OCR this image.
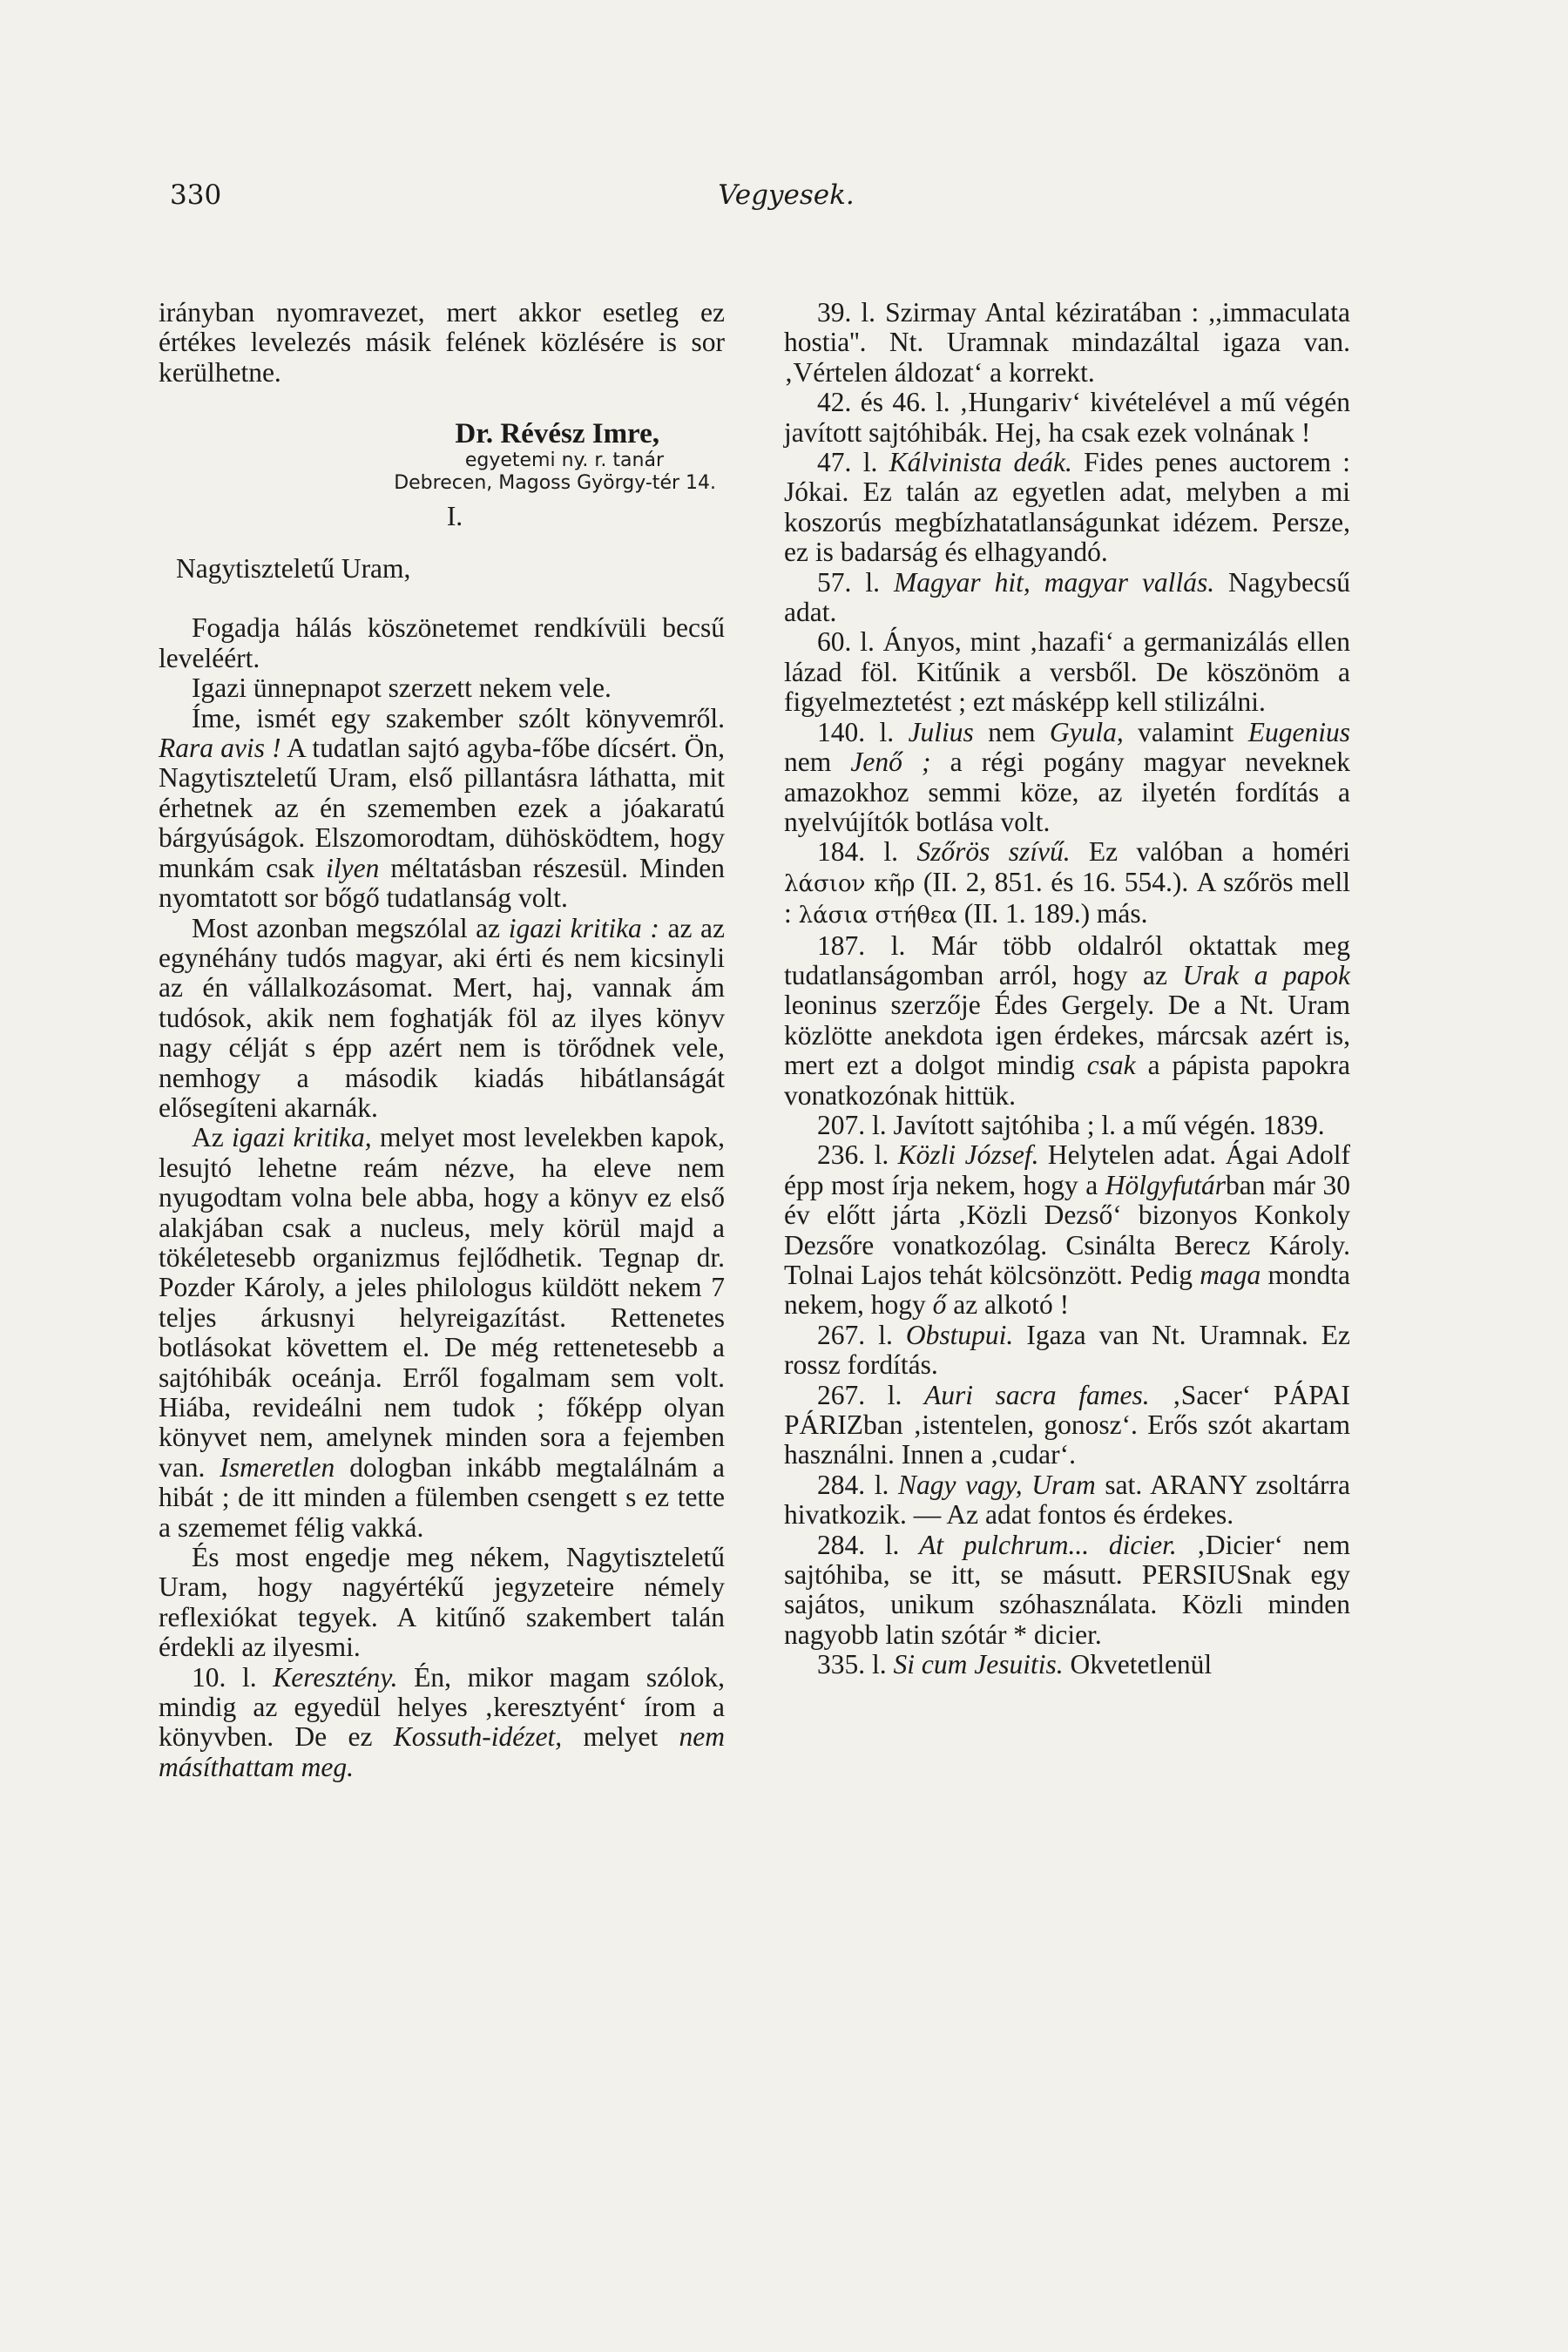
330	Vegyesek.

irányban nyomravezet, mert akkor esetleg ez értékes levelezés másik felének közlésére is sor kerülhetne.

Dr. Révész Imre,
egyetemi ny. r. tanár
Debrecen, Magoss György-tér 14.
I.

Nagytiszteletű Uram,

Fogadja hálás köszönetemet rendkívüli becsű leveléért.

Igazi ünnepnapot szerzett nekem vele.

Íme, ismét egy szakember szólt könyvemről. Rara avis ! A tudatlan sajtó agyba-főbe dícsért. Ön, Nagytiszteletű Uram, első pillantásra láthatta, mit érhetnek az én szememben ezek a jóakaratú bárgyúságok. Elszomorodtam, dühösködtem, hogy munkám csak ilyen méltatásban részesül. Minden nyomtatott sor bőgő tudatlanság volt.

Most azonban megszólal az igazi kritika : az az egynéhány tudós magyar, aki érti és nem kicsinyli az én vállalkozásomat. Mert, haj, vannak ám tudósok, akik nem foghatják föl az ilyes könyv nagy célját s épp azért nem is törődnek vele, nemhogy a második kiadás hibátlanságát elősegíteni akarnák.

Az igazi kritika, melyet most levelekben kapok, lesujtó lehetne reám nézve, ha eleve nem nyugodtam volna bele abba, hogy a könyv ez első alakjában csak a nucleus, mely körül majd a tökéletesebb organizmus fejlődhetik. Tegnap dr. Pozder Károly, a jeles philologus küldött nekem 7 teljes árkusnyi helyreigazítást. Rettenetes botlásokat követtem el. De még rettenetesebb a sajtóhibák oceánja. Erről fogalmam sem volt. Hiába, revideálni nem tudok ; főképp olyan könyvet nem, amelynek minden sora a fejemben van. Ismeretlen dologban inkább megtalálnám a hibát ; de itt minden a fülemben csengett s ez tette a szememet félig vakká.

És most engedje meg nékem, Nagytiszteletű Uram, hogy nagyértékű jegyzeteire némely reflexiókat tegyek. A kitűnő szakembert talán érdekli az ilyesmi.

10. l. Keresztény. Én, mikor magam szólok, mindig az egyedül helyes ‚keresztyént‘ írom a könyvben. De ez Kossuth-idézet, melyet nem másíthattam meg.

39. l. Szirmay Antal kéziratában : ,,immaculata hostia''. Nt. Uramnak mindazáltal igaza van. ‚Vértelen áldozat‘ a korrekt.

42. és 46. l. ‚Hungariv‘ kivételével a mű végén javított sajtóhibák. Hej, ha csak ezek volnának !

47. l. Kálvinista deák. Fides penes auctorem : Jókai. Ez talán az egyetlen adat, melyben a mi koszorús megbízhatatlanságunkat idézem. Persze, ez is badarság és elhagyandó.

57. l. Magyar hit, magyar vallás. Nagybecsű adat.

60. l. Ányos, mint ‚hazafi‘ a germanizálás ellen lázad föl. Kitűnik a versből. De köszönöm a figyelmeztetést ; ezt másképp kell stilizálni.

140. l. Julius nem Gyula, valamint Eugenius nem Jenő ; a régi pogány magyar neveknek amazokhoz semmi köze, az ilyetén fordítás a nyelvújítók botlása volt.

184. l. Szőrös szívű. Ez valóban a homéri λάσιον κῆρ (II. 2, 851. és 16. 554.). A szőrös mell : λάσια στήθεα (II. 1. 189.) más.

187. l. Már több oldalról oktattak meg tudatlanságomban arról, hogy az Urak a papok leoninus szerzője Édes Gergely. De a Nt. Uram közlötte anekdota igen érdekes, márcsak azért is, mert ezt a dolgot mindig csak a pápista papokra vonatkozónak hittük.

207. l. Javított sajtóhiba ; l. a mű végén. 1839.

236. l. Közli József. Helytelen adat. Ágai Adolf épp most írja nekem, hogy a Hölgyfutárban már 30 év előtt járta ‚Közli Dezső‘ bizonyos Konkoly Dezsőre vonatkozólag. Csinálta Berecz Károly. Tolnai Lajos tehát kölcsönzött. Pedig maga mondta nekem, hogy ő az alkotó !

267. l. Obstupui. Igaza van Nt. Uramnak. Ez rossz fordítás.

267. l. Auri sacra fames. ‚Sacer‘ PÁPAI PÁRIZban ‚istentelen, gonosz‘. Erős szót akartam használni. Innen a ‚cudar‘.

284. l. Nagy vagy, Uram sat. ARANY zsoltárra hivatkozik. — Az adat fontos és érdekes.

284. l. At pulchrum... dicier. ‚Dicier‘ nem sajtóhiba, se itt, se másutt. PERSIUSnak egy sajátos, unikum szóhasználata. Közli minden nagyobb latin szótár * dicier.

335. l. Si cum Jesuitis. Okvetetlenül
